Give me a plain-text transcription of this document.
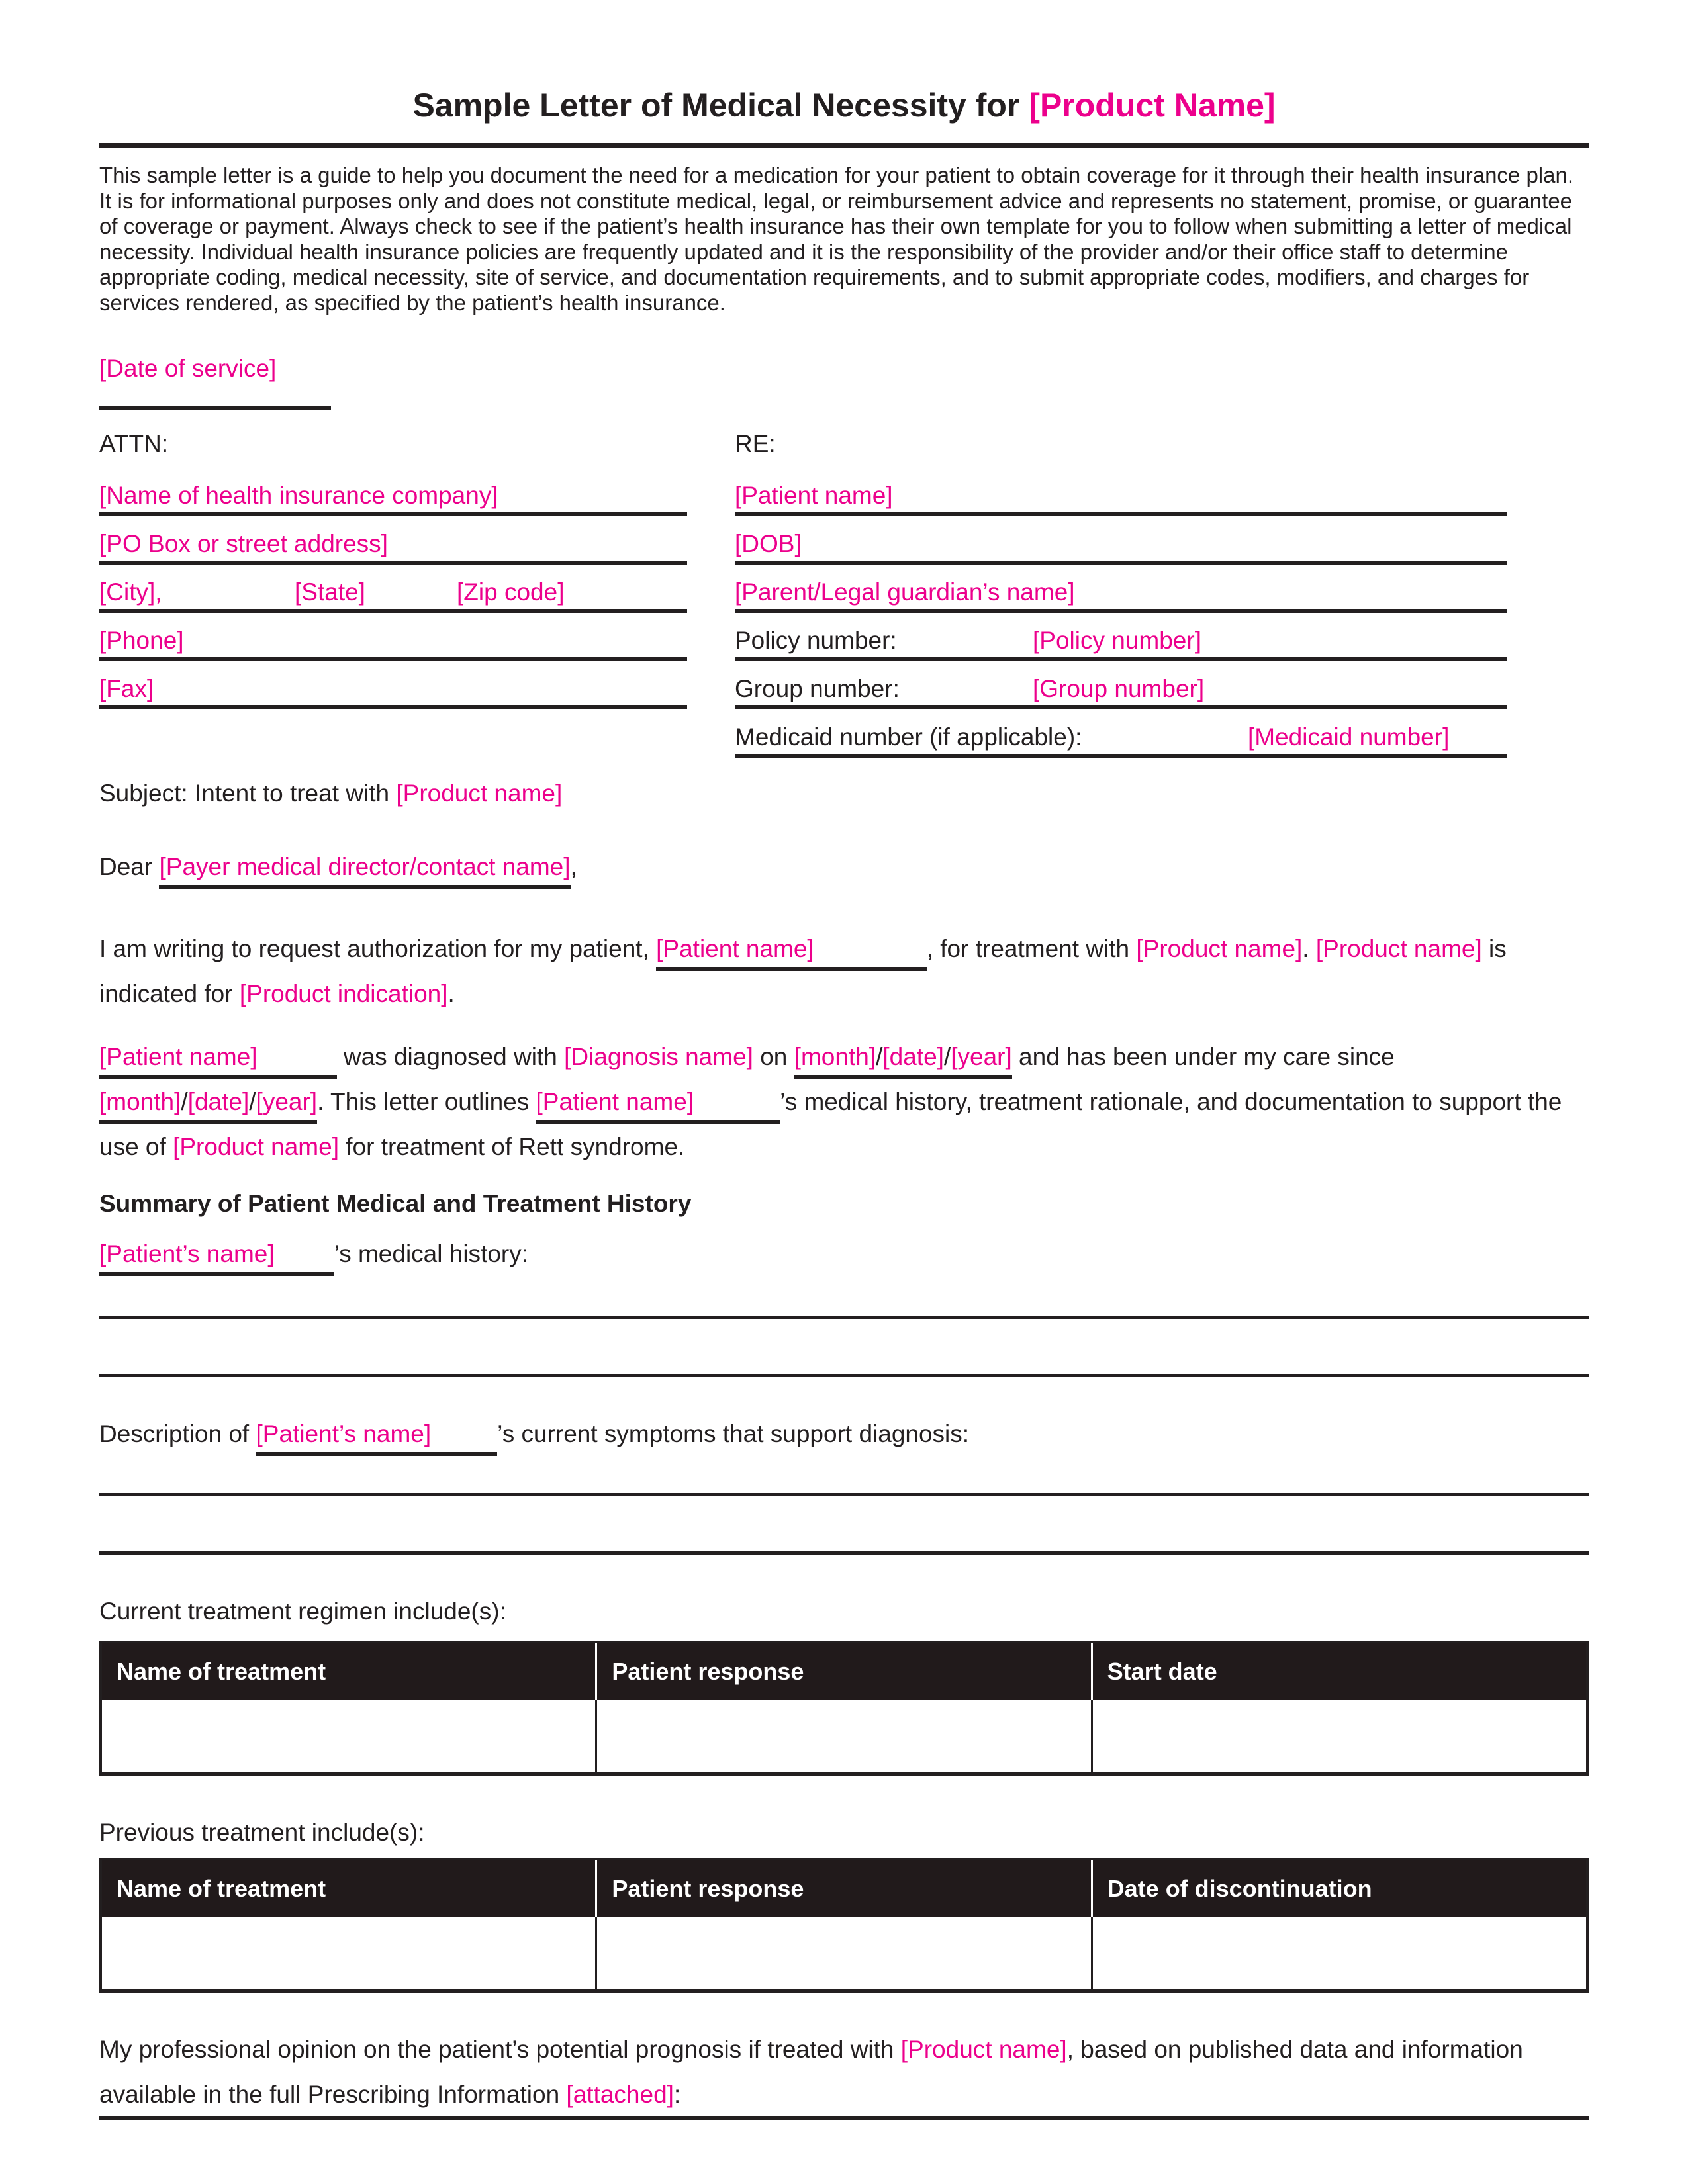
Sample Letter of Medical Necessity for [Product Name]
This sample letter is a guide to help you document the need for a medication for your patient to obtain coverage for it through their health insurance plan. It is for informational purposes only and does not constitute medical, legal, or reimbursement advice and represents no statement, promise, or guarantee of coverage or payment. Always check to see if the patient’s health insurance has their own template for you to follow when submitting a letter of medical necessity. Individual health insurance policies are frequently updated and it is the responsibility of the provider and/or their office staff to determine appropriate coding, medical necessity, site of service, and documentation requirements, and to submit appropriate codes, modifiers, and charges for services rendered, as specified by the patient’s health insurance.
[Date of service]
ATTN:	RE:
[Name of health insurance company]
[PO Box or street address]
[City],	[State]	[Zip code]
[Phone]
[Fax]
[Patient name]
[DOB]
[Parent/Legal guardian’s name]
Policy number:	[Policy number]
Group number:	[Group number]
Medicaid number (if applicable):	[Medicaid number]
Subject: Intent to treat with [Product name]
Dear [Payer medical director/contact name],
I am writing to request authorization for my patient, [Patient name]	, for treatment with [Product name]. [Product name] is indicated for [Product indication].
[Patient name]	was diagnosed with [Diagnosis name] on [month]/[date]/[year] and has been under my care since [month]/[date]/[year]. This letter outlines [Patient name]	’s medical history, treatment rationale, and documentation to support the use of [Product name] for treatment of Rett syndrome.
Summary of Patient Medical and Treatment History
[Patient’s name] ’s medical history:
Description of [Patient’s name]	’s current symptoms that support diagnosis:
Current treatment regimen include(s):
Name of treatment	Patient response	Start date
Previous treatment include(s):
Name of treatment	Patient response	Date of discontinuation
My professional opinion on the patient’s potential prognosis if treated with [Product name], based on published data and information available in the full Prescribing Information [attached]:
